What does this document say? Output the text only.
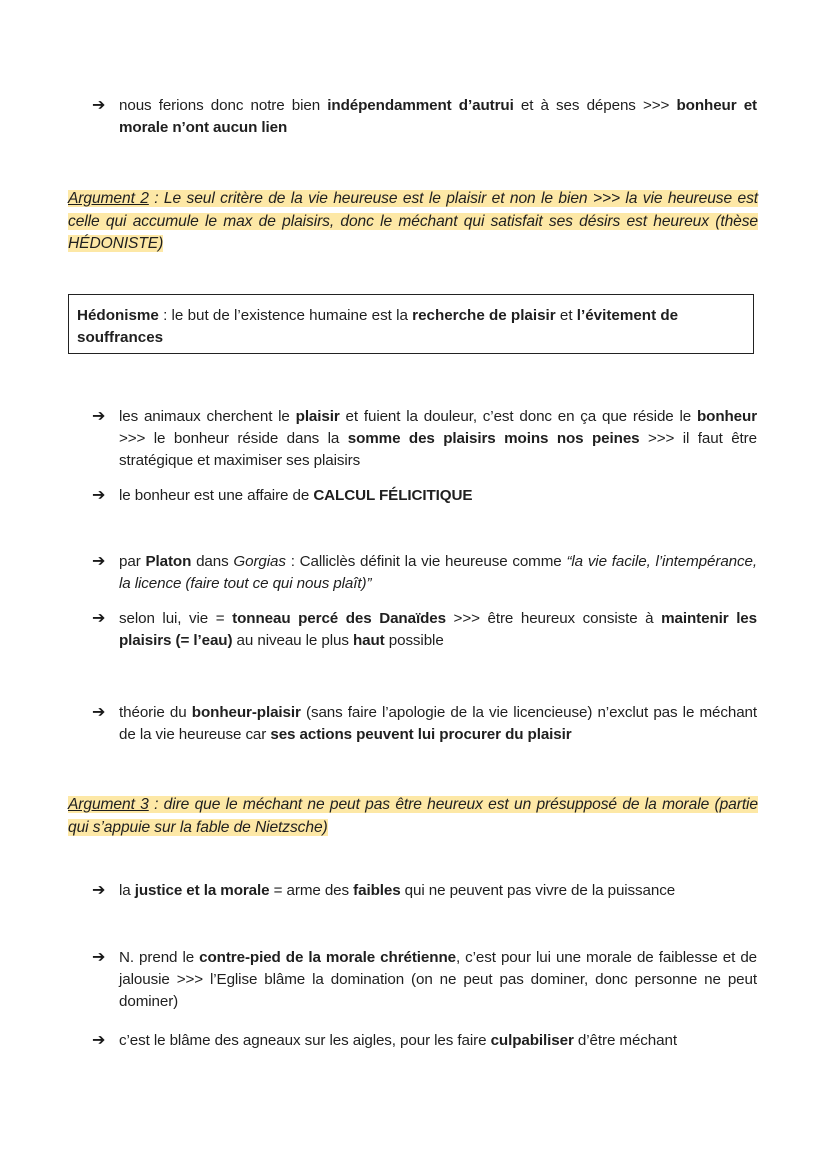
➔ nous ferions donc notre bien indépendamment d’autrui et à ses dépens >>> bonheur et morale n’ont aucun lien
Argument 2 : Le seul critère de la vie heureuse est le plaisir et non le bien >>> la vie heureuse est celle qui accumule le max de plaisirs, donc le méchant qui satisfait ses désirs est heureux (thèse HÉDONISTE)
Hédonisme : le but de l’existence humaine est la recherche de plaisir et l’évitement de souffrances
➔ les animaux cherchent le plaisir et fuient la douleur, c’est donc en ça que réside le bonheur >>> le bonheur réside dans la somme des plaisirs moins nos peines >>> il faut être stratégique et maximiser ses plaisirs
➔ le bonheur est une affaire de CALCUL FÉLICITIQUE
➔ par Platon dans Gorgias : Calliclès définit la vie heureuse comme “la vie facile, l’intempérance, la licence (faire tout ce qui nous plaît)”
➔ selon lui, vie = tonneau percé des Danaïdes >>> être heureux consiste à maintenir les plaisirs (= l’eau) au niveau le plus haut possible
➔ théorie du bonheur-plaisir (sans faire l’apologie de la vie licencieuse) n’exclut pas le méchant de la vie heureuse car ses actions peuvent lui procurer du plaisir
Argument 3 : dire que le méchant ne peut pas être heureux est un présupposé de la morale (partie qui s’appuie sur la fable de Nietzsche)
➔ la justice et la morale = arme des faibles qui ne peuvent pas vivre de la puissance
➔ N. prend le contre-pied de la morale chrétienne, c’est pour lui une morale de faiblesse et de jalousie >>> l’Eglise blâme la domination (on ne peut pas dominer, donc personne ne peut dominer)
➔ c’est le blâme des agneaux sur les aigles, pour les faire culpabiliser d’être méchant
